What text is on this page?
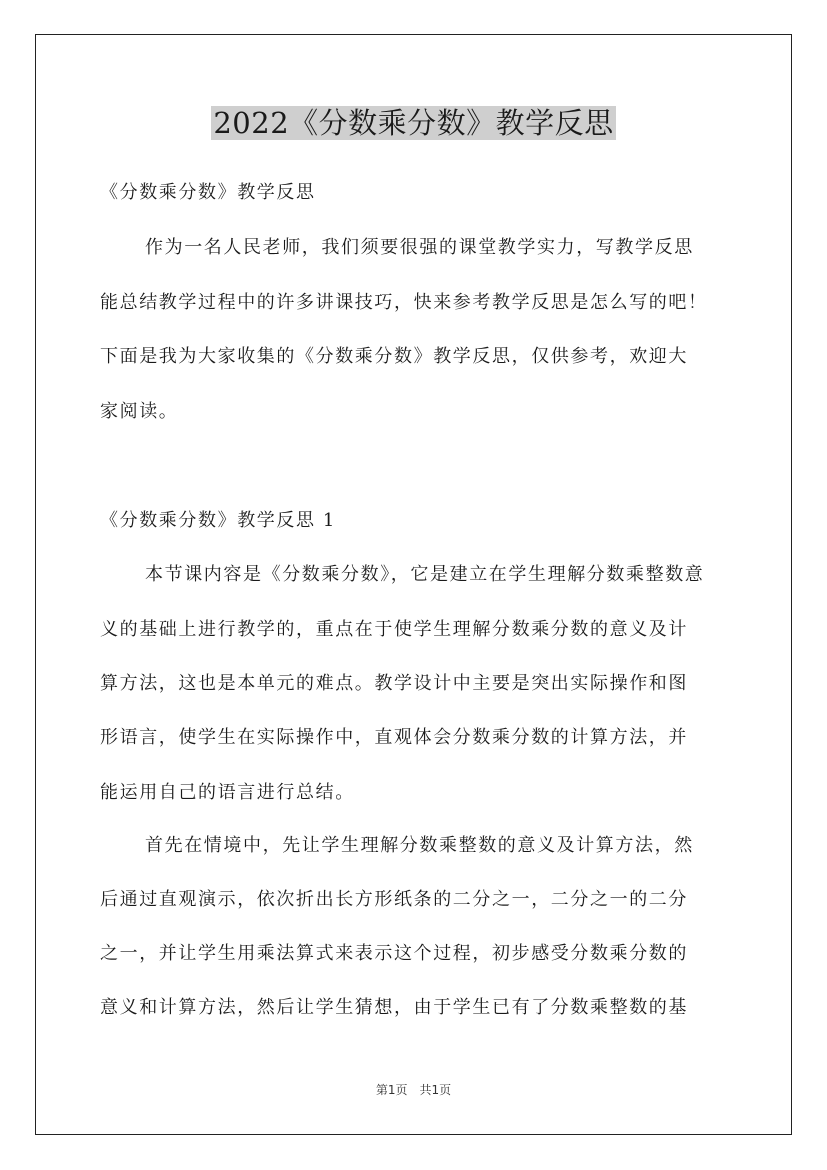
2022《分数乘分数》教学反思
《分数乘分数》教学反思
作为一名人民老师，我们须要很强的课堂教学实力，写教学反思
能总结教学过程中的许多讲课技巧，快来参考教学反思是怎么写的吧！
下面是我为大家收集的《分数乘分数》教学反思，仅供参考，欢迎大
家阅读。
《分数乘分数》教学反思 1
本节课内容是《分数乘分数》，它是建立在学生理解分数乘整数意
义的基础上进行教学的，重点在于使学生理解分数乘分数的意义及计
算方法，这也是本单元的难点。教学设计中主要是突出实际操作和图
形语言，使学生在实际操作中，直观体会分数乘分数的计算方法，并
能运用自己的语言进行总结。
首先在情境中，先让学生理解分数乘整数的意义及计算方法，然
后通过直观演示，依次折出长方形纸条的二分之一，二分之一的二分
之一，并让学生用乘法算式来表示这个过程，初步感受分数乘分数的
意义和计算方法，然后让学生猜想，由于学生已有了分数乘整数的基
第1页　共1页
